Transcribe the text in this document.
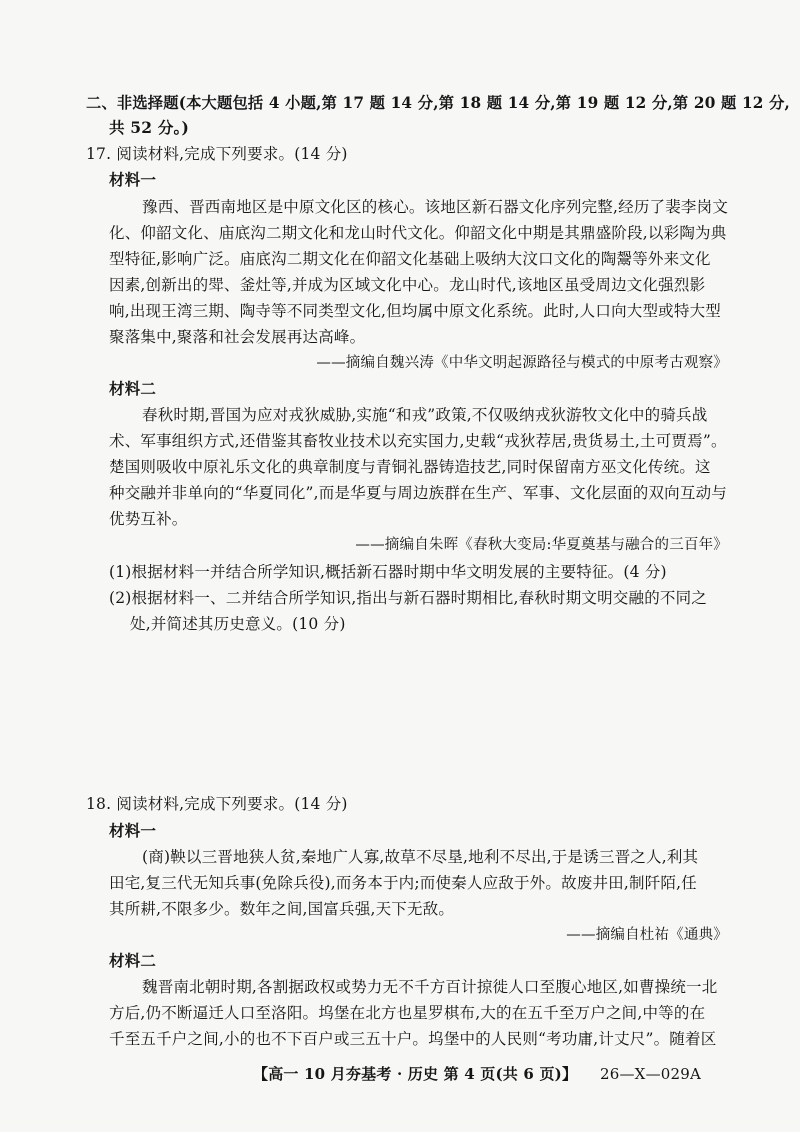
二、非选择题(本大题包括 4 小题,第 17 题 14 分,第 18 题 14 分,第 19 题 12 分,第 20 题 12 分,
共 52 分。)
17. 阅读材料,完成下列要求。(14 分)
材料一
豫西、晋西南地区是中原文化区的核心。该地区新石器文化序列完整,经历了裴李岗文
化、仰韶文化、庙底沟二期文化和龙山时代文化。仰韶文化中期是其鼎盛阶段,以彩陶为典
型特征,影响广泛。庙底沟二期文化在仰韶文化基础上吸纳大汶口文化的陶鬶等外来文化
因素,创新出的斝、釜灶等,并成为区域文化中心。龙山时代,该地区虽受周边文化强烈影
响,出现王湾三期、陶寺等不同类型文化,但均属中原文化系统。此时,人口向大型或特大型
聚落集中,聚落和社会发展再达高峰。
——摘编自魏兴涛《中华文明起源路径与模式的中原考古观察》
材料二
春秋时期,晋国为应对戎狄威胁,实施“和戎”政策,不仅吸纳戎狄游牧文化中的骑兵战
术、军事组织方式,还借鉴其畜牧业技术以充实国力,史载“戎狄荐居,贵货易土,土可贾焉”。
楚国则吸收中原礼乐文化的典章制度与青铜礼器铸造技艺,同时保留南方巫文化传统。这
种交融并非单向的“华夏同化”,而是华夏与周边族群在生产、军事、文化层面的双向互动与
优势互补。
——摘编自朱晖《春秋大变局:华夏奠基与融合的三百年》
(1)根据材料一并结合所学知识,概括新石器时期中华文明发展的主要特征。(4 分)
(2)根据材料一、二并结合所学知识,指出与新石器时期相比,春秋时期文明交融的不同之
处,并简述其历史意义。(10 分)
18. 阅读材料,完成下列要求。(14 分)
材料一
(商)鞅以三晋地狭人贫,秦地广人寡,故草不尽垦,地利不尽出,于是诱三晋之人,利其
田宅,复三代无知兵事(免除兵役),而务本于内;而使秦人应敌于外。故废井田,制阡陌,任
其所耕,不限多少。数年之间,国富兵强,天下无敌。
——摘编自杜祐《通典》
材料二
魏晋南北朝时期,各割据政权或势力无不千方百计掠徙人口至腹心地区,如曹操统一北
方后,仍不断逼迁人口至洛阳。坞堡在北方也星罗棋布,大的在五千至万户之间,中等的在
千至五千户之间,小的也不下百户或三五十户。坞堡中的人民则“考功庸,计丈尺”。随着区
【高一 10 月夯基考 · 历史 第 4 页(共 6 页)】 26—X—029A
